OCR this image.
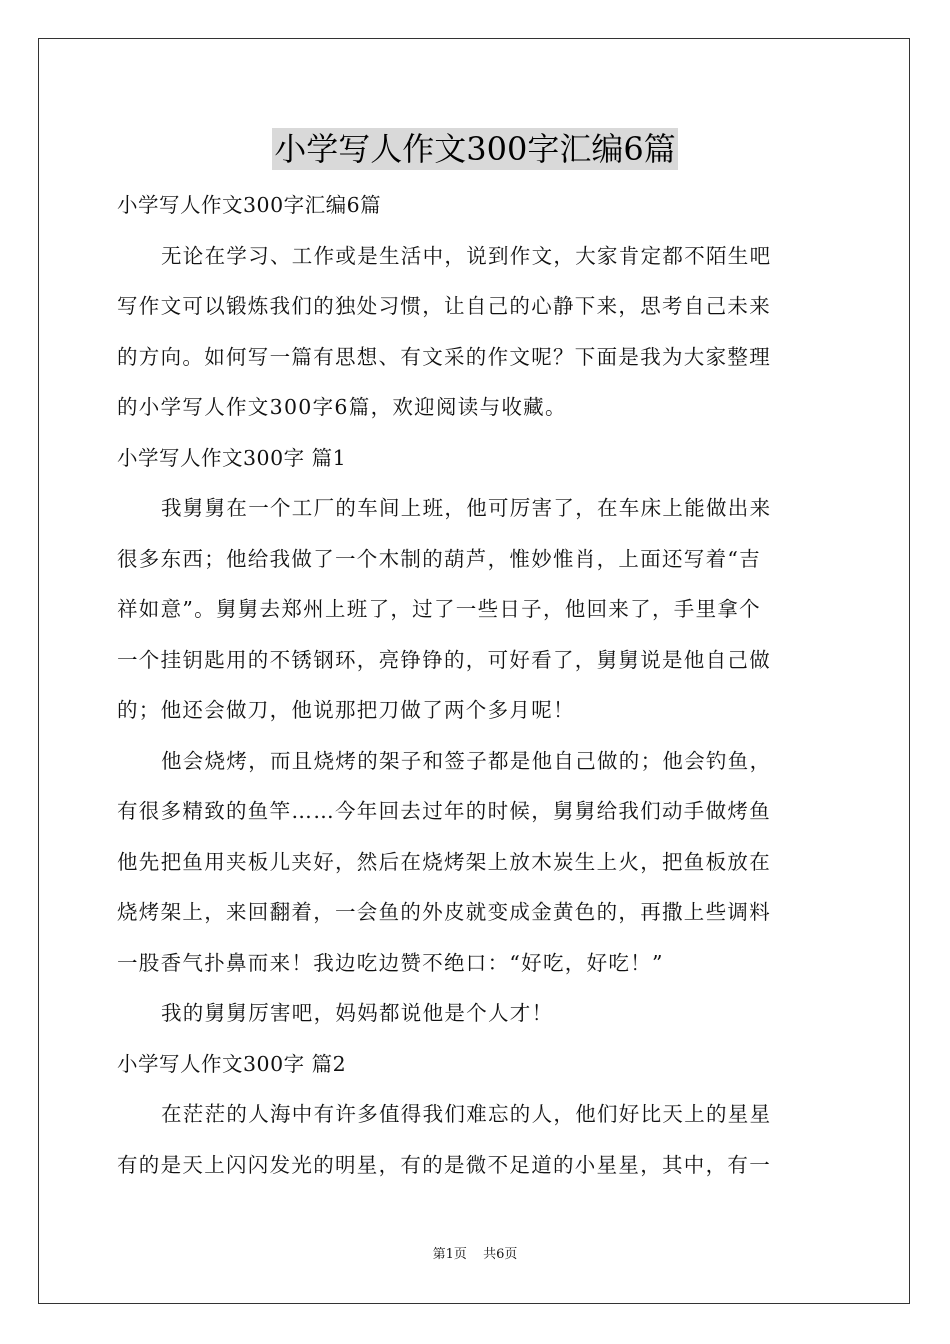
小学写人作文300字汇编6篇
小学写人作文300字汇编6篇
无论在学习、工作或是生活中，说到作文，大家肯定都不陌生吧
写作文可以锻炼我们的独处习惯，让自己的心静下来，思考自己未来
的方向。如何写一篇有思想、有文采的作文呢？下面是我为大家整理
的小学写人作文300字6篇，欢迎阅读与收藏。
小学写人作文300字 篇1
我舅舅在一个工厂的车间上班，他可厉害了，在车床上能做出来
很多东西；他给我做了一个木制的葫芦，惟妙惟肖，上面还写着“吉
祥如意”。舅舅去郑州上班了，过了一些日子，他回来了，手里拿个
一个挂钥匙用的不锈钢环，亮铮铮的，可好看了，舅舅说是他自己做
的；他还会做刀，他说那把刀做了两个多月呢！
他会烧烤，而且烧烤的架子和签子都是他自己做的；他会钓鱼，
有很多精致的鱼竿……今年回去过年的时候，舅舅给我们动手做烤鱼
他先把鱼用夹板儿夹好，然后在烧烤架上放木炭生上火，把鱼板放在
烧烤架上，来回翻着，一会鱼的外皮就变成金黄色的，再撒上些调料
一股香气扑鼻而来！我边吃边赞不绝口：“好吃，好吃！”
我的舅舅厉害吧，妈妈都说他是个人才！
小学写人作文300字 篇2
在茫茫的人海中有许多值得我们难忘的人，他们好比天上的星星
有的是天上闪闪发光的明星，有的是微不足道的小星星，其中，有一
第1页 共6页
